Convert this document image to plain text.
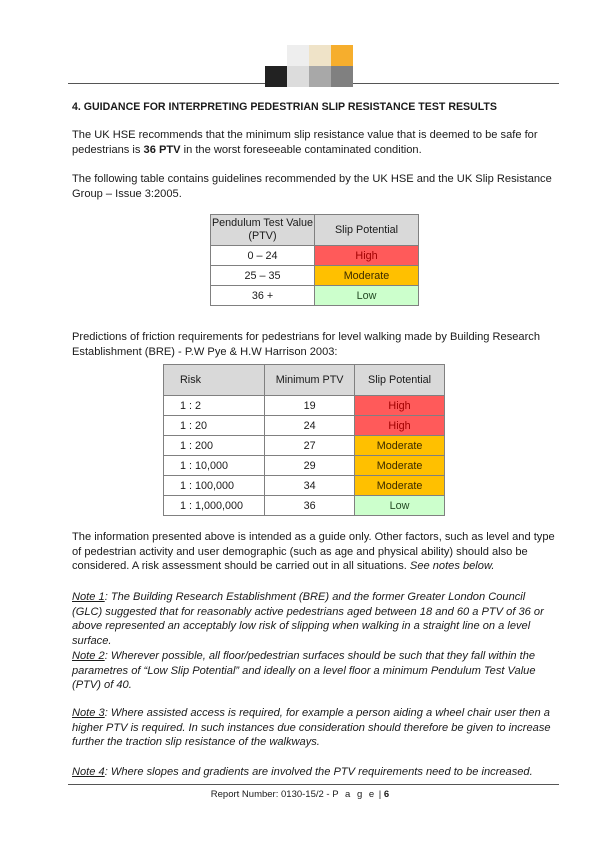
4. GUIDANCE FOR INTERPRETING PEDESTRIAN SLIP RESISTANCE TEST RESULTS

The UK HSE recommends that the minimum slip resistance value that is deemed to be safe for pedestrians is 36 PTV in the worst foreseeable contaminated condition.

The following table contains guidelines recommended by the UK HSE and the UK Slip Resistance Group – Issue 3:2005.

Predictions of friction requirements for pedestrians for level walking made by Building Research Establishment (BRE) - P.W Pye & H.W Harrison 2003:

The information presented above is intended as a guide only. Other factors, such as level and type of pedestrian activity and user demographic (such as age and physical ability) should also be considered. A risk assessment should be carried out in all situations. See notes below.

Note 1: The Building Research Establishment (BRE) and the former Greater London Council (GLC) suggested that for reasonably active pedestrians aged between 18 and 60 a PTV of 36 or above represented an acceptably low risk of slipping when walking in a straight line on a level surface.

Note 2: Wherever possible, all floor/pedestrian surfaces should be such that they fall within the parametres of “Low Slip Potential” and ideally on a level floor a minimum Pendulum Test Value (PTV) of 40.

Note 3: Where assisted access is required, for example a person aiding a wheel chair user then a higher PTV is required. In such instances due consideration should therefore be given to increase further the traction slip resistance of the walkways.

Note 4: Where slopes and gradients are involved the PTV requirements need to be increased.

Pendulum Test Value (PTV)	Slip Potential
0 – 24	High
25 – 35	Moderate
36 +	Low
Risk	Minimum PTV	Slip Potential
1 : 2	19	High
1 : 20	24	High
1 : 200	27	Moderate
1 : 10,000	29	Moderate
1 : 100,000	34	Moderate
1 : 1,000,000	36	Low
Report Number: 0130-15/2 - P a g e | 6
